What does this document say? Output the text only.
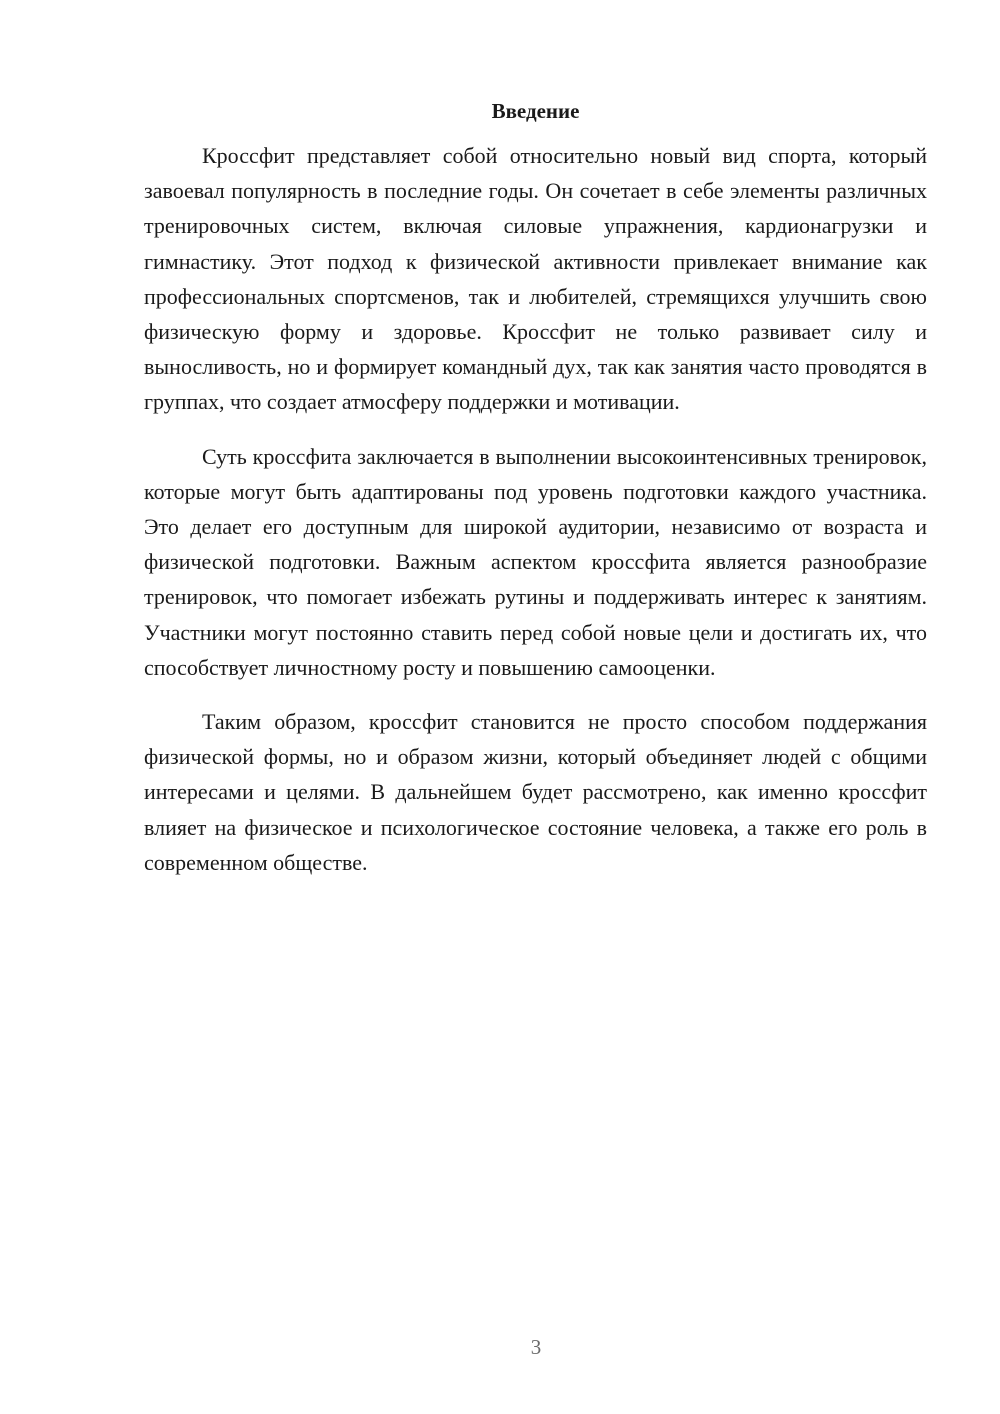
Введение

Кроссфит представляет собой относительно новый вид спорта, который завоевал популярность в последние годы. Он сочетает в себе элементы различных тренировочных систем, включая силовые упражнения, кардионагрузки и гимнастику. Этот подход к физической активности привлекает внимание как профессиональных спортсменов, так и любителей, стремящихся улучшить свою физическую форму и здоровье. Кроссфит не только развивает силу и выносливость, но и формирует командный дух, так как занятия часто проводятся в группах, что создает атмосферу поддержки и мотивации.

Суть кроссфита заключается в выполнении высокоинтенсивных тренировок, которые могут быть адаптированы под уровень подготовки каждого участника. Это делает его доступным для широкой аудитории, независимо от возраста и физической подготовки. Важным аспектом кроссфита является разнообразие тренировок, что помогает избежать рутины и поддерживать интерес к занятиям. Участники могут постоянно ставить перед собой новые цели и достигать их, что способствует личностному росту и повышению самооценки.

Таким образом, кроссфит становится не просто способом поддержания физической формы, но и образом жизни, который объединяет людей с общими интересами и целями. В дальнейшем будет рассмотрено, как именно кроссфит влияет на физическое и психологическое состояние человека, а также его роль в современном обществе.

3
